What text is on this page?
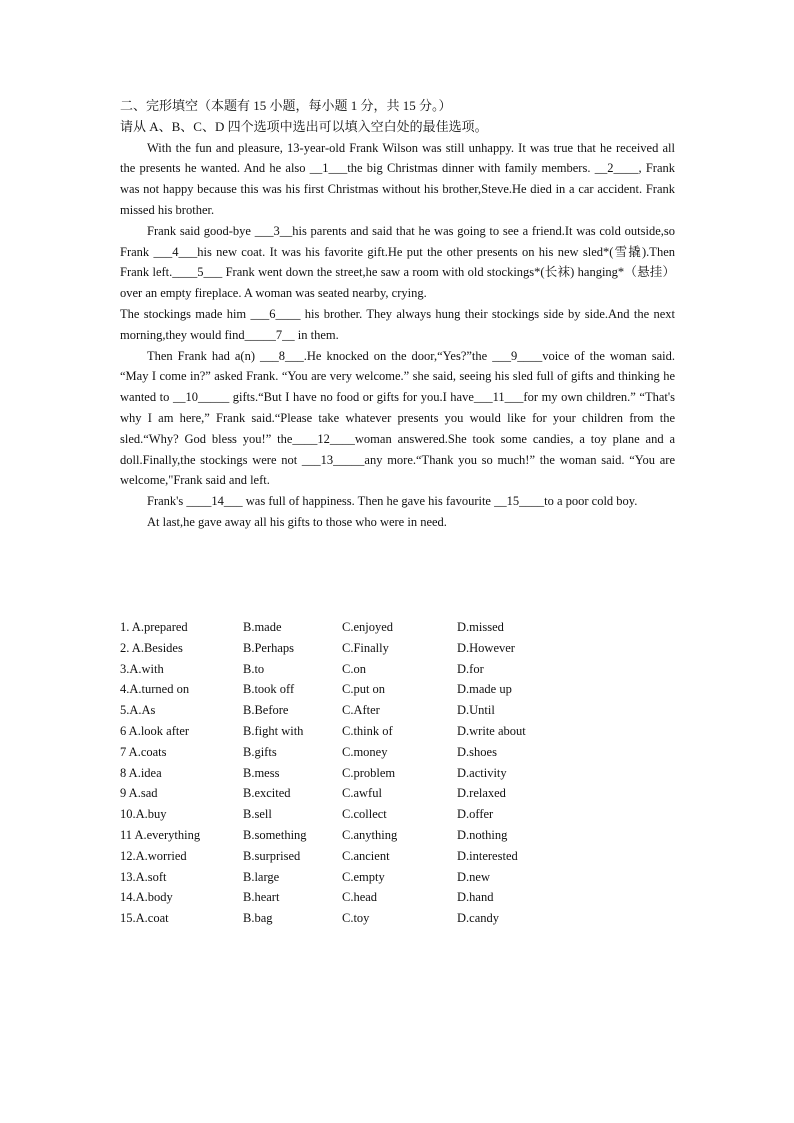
二、完形填空（本题有 15 小题，每小题 1 分，共 15 分。）

请从 A、B、C、D 四个选项中选出可以填入空白处的最佳选项。

With the fun and pleasure, 13-year-old Frank Wilson was still unhappy. It was true that he received all the presents he wanted. And he also __1___the big Christmas dinner with family members. __2____, Frank was not happy because this was his first Christmas without his brother,Steve.He died in a car accident. Frank missed his brother.

Frank said good-bye ___3__his parents and said that he was going to see a friend.It was cold outside,so Frank ___4___his new coat. It was his favorite gift.He put the other presents on his new sled*(雪撬).Then Frank left.____5___ Frank went down the street,he saw a room with old stockings*(长袜) hanging*（悬挂） over an empty fireplace. A woman was seated nearby, crying.

The stockings made him ___6____ his brother. They always hung their stockings side by side.And the next morning,they would find_____7__ in them.

Then Frank had a(n) ___8___.He knocked on the door,“Yes?”the ___9____voice of the woman said. “May I come in?” asked Frank. “You are very welcome.” she said, seeing his sled full of gifts and thinking he wanted to __10_____ gifts.“But I have no food or gifts for you.I have___11___for my own children.” “That's why I am here,” Frank said.“Please take whatever presents you would like for your children from the sled.“Why? God bless you!” the____12____woman answered.She took some candies, a toy plane and a doll.Finally,the stockings were not ___13_____any more.“Thank you so much!” the woman said. “You are welcome,"Frank said and left.

Frank's ____14___ was full of happiness. Then he gave his favourite __15____to a poor cold boy.

At last,he gave away all his gifts to those who were in need.

1. A.prepared	B.made	C.enjoyed	D.missed
2. A.Besides	B.Perhaps	C.Finally	D.However
3.A.with	B.to	C.on	D.for
4.A.turned on	B.took off	C.put on	D.made up
5.A.As	B.Before	C.After	D.Until
6 A.look after	B.fight with	C.think of	D.write about
7 A.coats	B.gifts	C.money	D.shoes
8 A.idea	B.mess	C.problem	D.activity
9 A.sad	B.excited	C.awful	D.relaxed
10.A.buy	B.sell	C.collect	D.offer
11 A.everything	B.something	C.anything	D.nothing
12.A.worried	B.surprised	C.ancient	D.interested
13.A.soft	B.large	C.empty	D.new
14.A.body	B.heart	C.head	D.hand
15.A.coat	B.bag	C.toy	D.candy
